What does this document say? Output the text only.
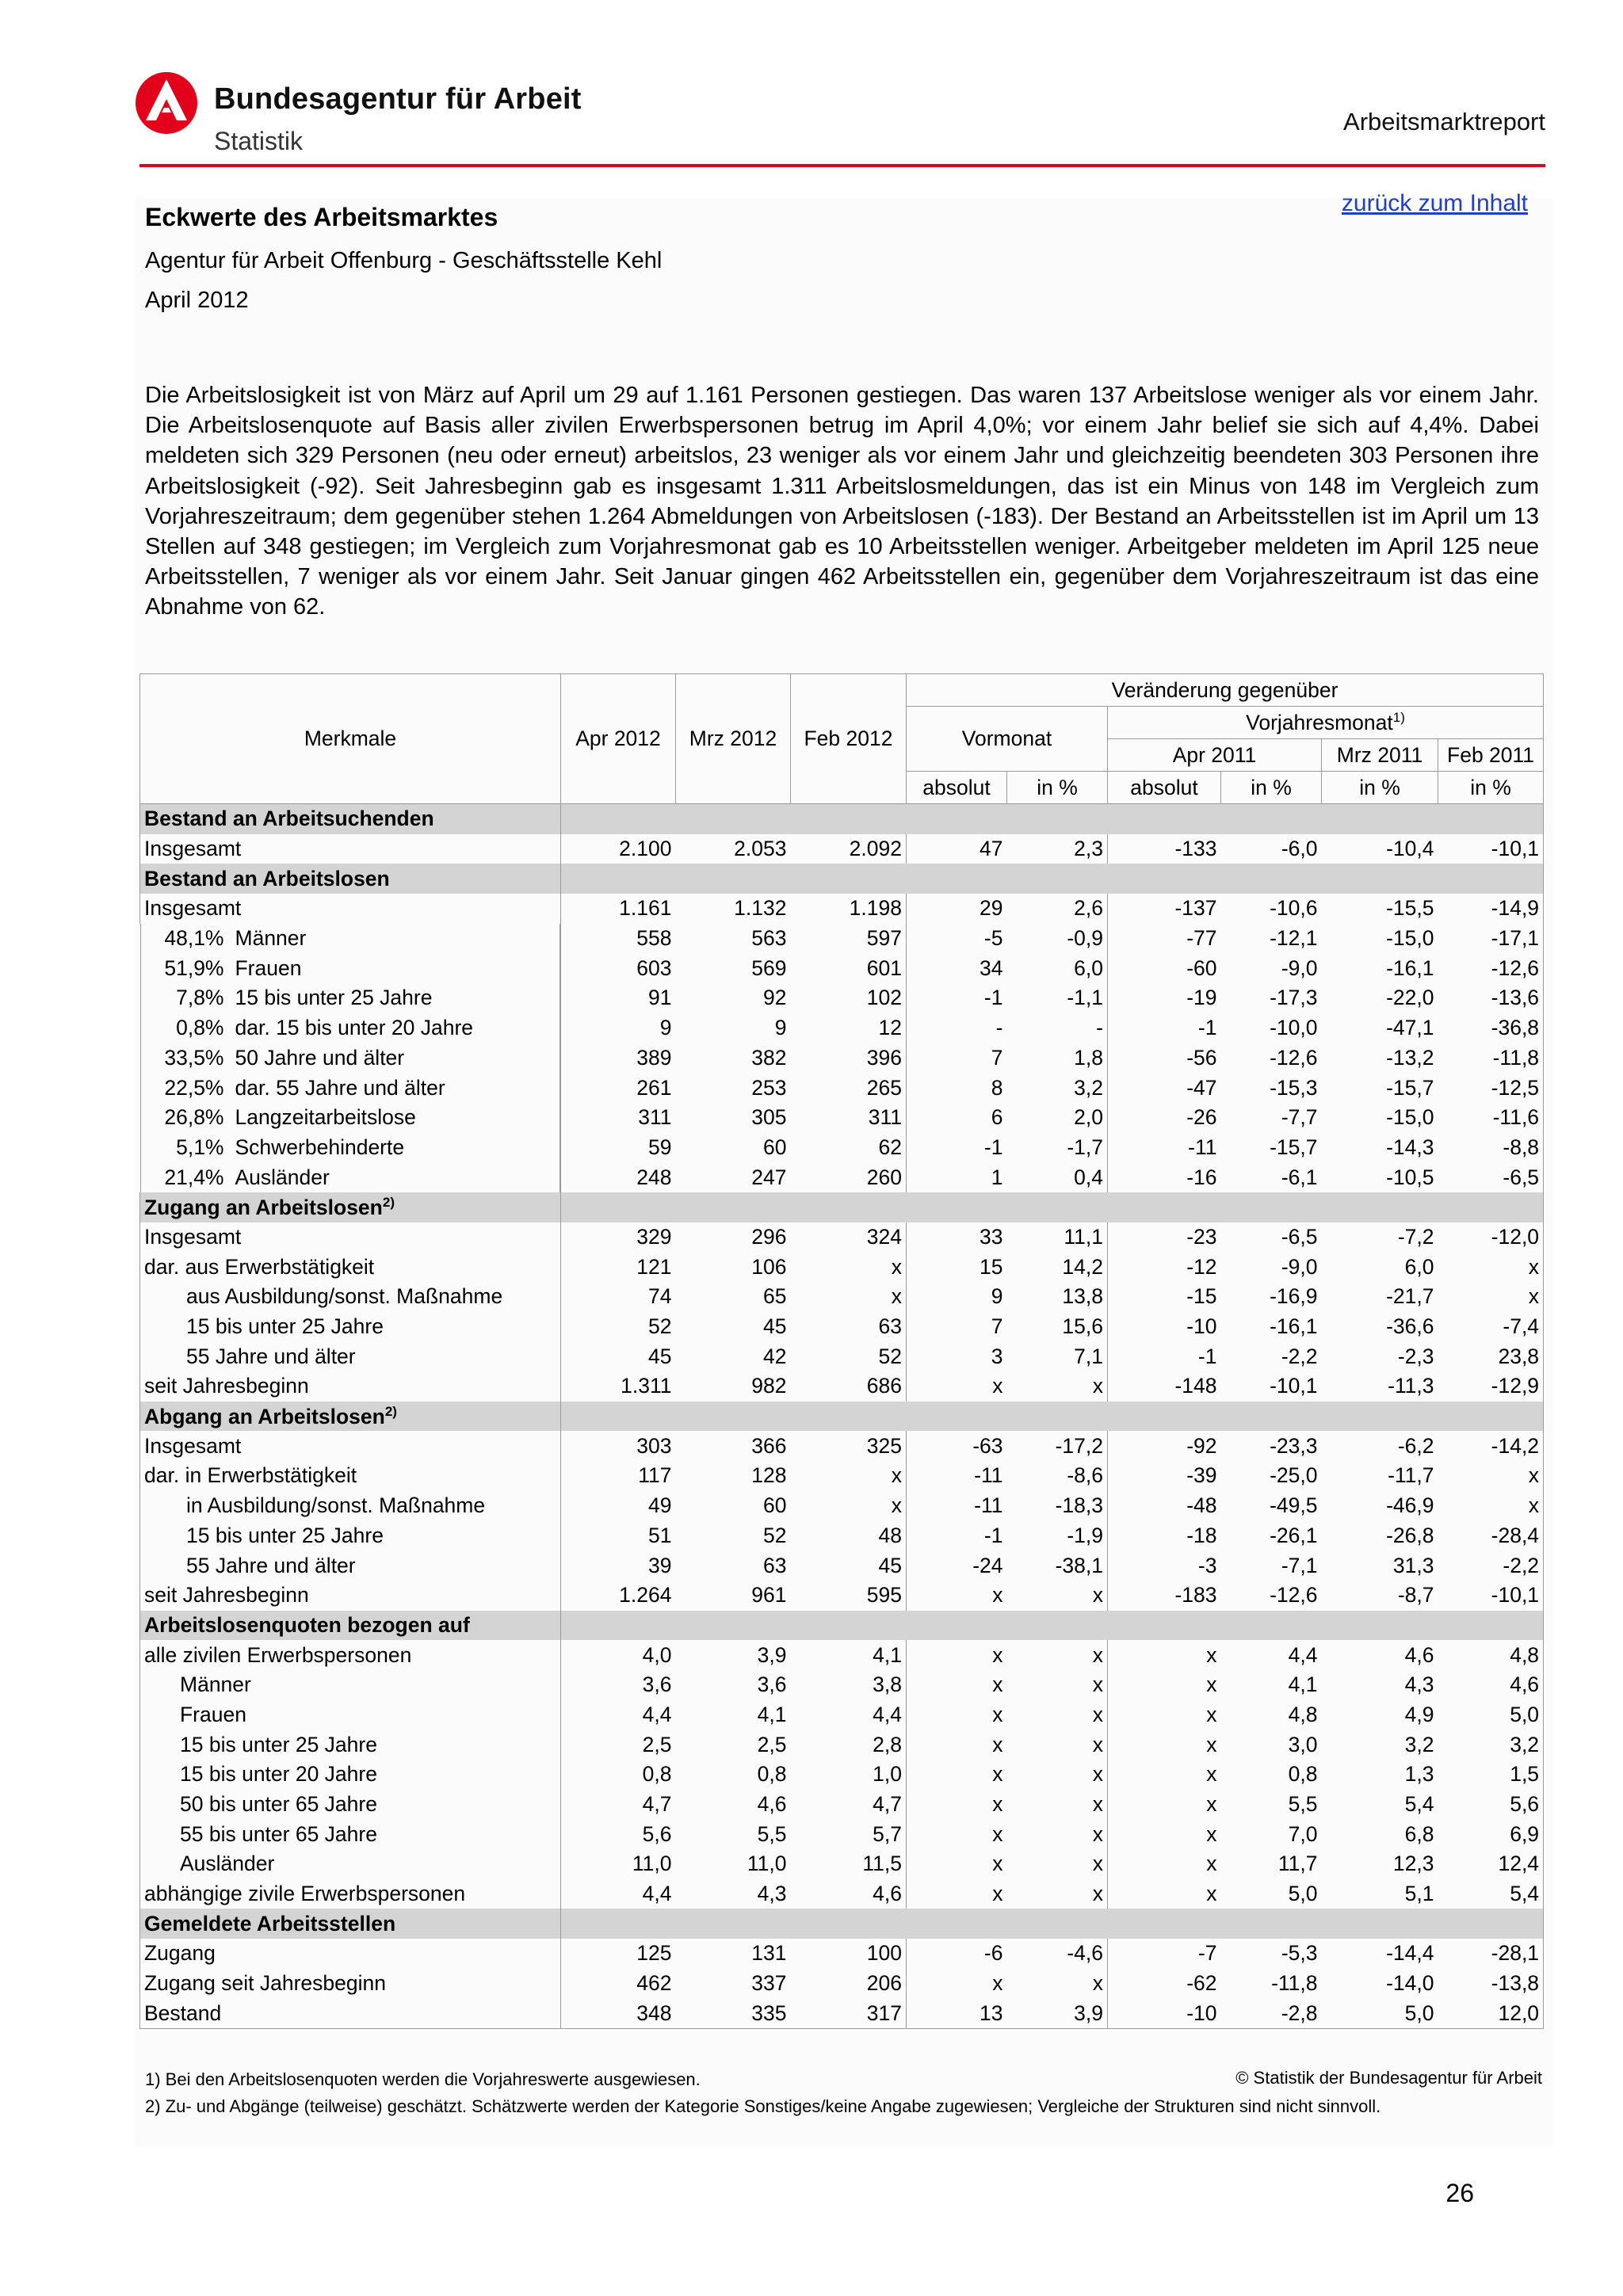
Bundesagentur für Arbeit
Statistik
Arbeitsmarktreport
zurück zum Inhalt
Eckwerte des Arbeitsmarktes
Agentur für Arbeit Offenburg - Geschäftsstelle Kehl
April 2012
Die Arbeitslosigkeit ist von März auf April um 29 auf 1.161 Personen gestiegen. Das waren 137 Arbeitslose weniger als vor einem Jahr. Die Arbeitslosenquote auf Basis aller zivilen Erwerbspersonen betrug im April 4,0%; vor einem Jahr belief sie sich auf 4,4%. Dabei meldeten sich 329 Personen (neu oder erneut) arbeitslos, 23 weniger als vor einem Jahr und gleichzeitig beendeten 303 Personen ihre Arbeitslosigkeit (-92). Seit Jahresbeginn gab es insgesamt 1.311 Arbeitslosmeldungen, das ist ein Minus von 148 im Vergleich zum Vorjahreszeitraum; dem gegenüber stehen 1.264 Abmeldungen von Arbeitslosen (-183). Der Bestand an Arbeitsstellen ist im April um 13 Stellen auf 348 gestiegen; im Vergleich zum Vorjahresmonat gab es 10 Arbeitsstellen weniger. Arbeitgeber meldeten im April 125 neue Arbeitsstellen, 7 weniger als vor einem Jahr. Seit Januar gingen 462 Arbeitsstellen ein, gegenüber dem Vorjahreszeitraum ist das eine Abnahme von 62.
Merkmale	Apr 2012	Mrz 2012	Feb 2012	Veränderung gegenüber					
				Vormonat		Vorjahresmonat$^{1)}$
						Apr 2011		Mrz 2011	Feb 2011
				absolut	in %	absolut	in %	in %	in %
Bestand an Arbeitsuchenden									
Insgesamt	2.100	2.053	2.092	47	2,3	-133	-6,0	-10,4	-10,1
Bestand an Arbeitslosen									
Insgesamt	1.161	1.132	1.198	29	2,6	-137	-10,6	-15,5	-14,9

48,1% Männer	558	563	597	-5	-0,9	-77	-12,1	-15,0	-17,1

51,9% Frauen	603	569	601	34	6,0	-60	-9,0	-16,1	-12,6

7,8% 15 bis unter 25 Jahre	91	92	102	-1	-1,1	-19	-17,3	-22,0	-13,6

0,8% dar. 15 bis unter 20 Jahre	9	9	12	-	-	-1	-10,0	-47,1	-36,8

33,5% 50 Jahre und älter	389	382	396	7	1,8	-56	-12,6	-13,2	-11,8

22,5% dar. 55 Jahre und älter	261	253	265	8	3,2	-47	-15,3	-15,7	-12,5

26,8% Langzeitarbeitslose	311	305	311	6	2,0	-26	-7,7	-15,0	-11,6

5,1% Schwerbehinderte	59	60	62	-1	-1,7	-11	-15,7	-14,3	-8,8

21,4% Ausländer	248	247	260	1	0,4	-16	-6,1	-10,5	-6,5
Zugang an Arbeitslosen$^{2)}$	
Insgesamt	329	296	324	33	11,1	-23	-6,5	-7,2	-12,0
dar. aus Erwerbstätigkeit	121	106	x	15	14,2	-12	-9,0	6,0	x
aus Ausbildung/sonst. Maßnahme	74	65	x	9	13,8	-15	-16,9	-21,7	x
15 bis unter 25 Jahre	52	45	63	7	15,6	-10	-16,1	-36,6	-7,4
55 Jahre und älter	45	42	52	3	7,1	-1	-2,2	-2,3	23,8
seit Jahresbeginn	1.311	982	686	x	x	-148	-10,1	-11,3	-12,9
Abgang an Arbeitslosen$^{2)}$	
Insgesamt	303	366	325	-63	-17,2	-92	-23,3	-6,2	-14,2
dar. in Erwerbstätigkeit	117	128	x	-11	-8,6	-39	-25,0	-11,7	x
in Ausbildung/sonst. Maßnahme	49	60	x	-11	-18,3	-48	-49,5	-46,9	x
15 bis unter 25 Jahre	51	52	48	-1	-1,9	-18	-26,1	-26,8	-28,4
55 Jahre und älter	39	63	45	-24	-38,1	-3	-7,1	31,3	-2,2
seit Jahresbeginn	1.264	961	595	x	x	-183	-12,6	-8,7	-10,1
Arbeitslosenquoten bezogen auf									
alle zivilen Erwerbspersonen	4,0	3,9	4,1	x	x	x	4,4	4,6	4,8
Männer	3,6	3,6	3,8	x	x	x	4,1	4,3	4,6
Frauen	4,4	4,1	4,4	x	x	x	4,8	4,9	5,0
15 bis unter 25 Jahre	2,5	2,5	2,8	x	x	x	3,0	3,2	3,2
15 bis unter 20 Jahre	0,8	0,8	1,0	x	x	x	0,8	1,3	1,5
50 bis unter 65 Jahre	4,7	4,6	4,7	x	x	x	5,5	5,4	5,6
55 bis unter 65 Jahre	5,6	5,5	5,7	x	x	x	7,0	6,8	6,9
Ausländer	11,0	11,0	11,5	x	x	x	11,7	12,3	12,4
abhängige zivile Erwerbspersonen	4,4	4,3	4,6	x	x	x	5,0	5,1	5,4
Gemeldete Arbeitsstellen									
Zugang	125	131	100	-6	-4,6	-7	-5,3	-14,4	-28,1
Zugang seit Jahresbeginn	462	337	206	x	x	-62	-11,8	-14,0	-13,8
Bestand	348	335	317	13	3,9	-10	-2,8	5,0	12,0
1) Bei den Arbeitslosenquoten werden die Vorjahreswerte ausgewiesen.	© Statistik der Bundesagentur für Arbeit
2) Zu- und Abgänge (teilweise) geschätzt. Schätzwerte werden der Kategorie Sonstiges/keine Angabe zugewiesen; Vergleiche der Strukturen sind nicht sinnvoll.
26
